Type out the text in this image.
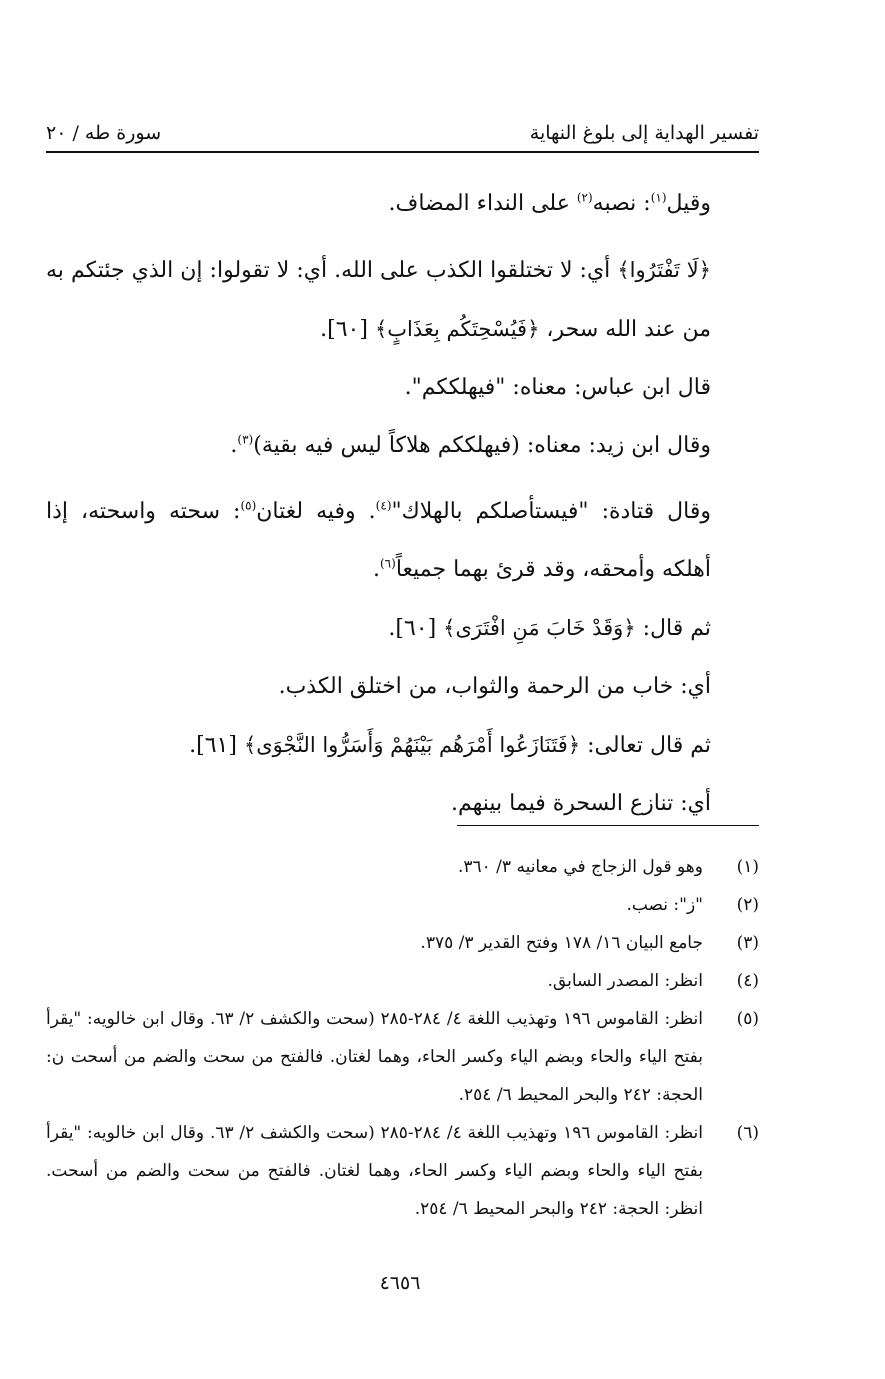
تفسير الهداية إلى بلوغ النهاية
سورة طه / ٢٠

وقيل$^{(١)}$: نصبه$^{(٢)}$ على النداء المضاف.

﴿لَا تَفْتَرُوا﴾ أي: لا تختلقوا الكذب على الله. أي: لا تقولوا: إن الذي جئتكم به من عند الله سحر، ﴿فَيُسْحِتَكُم بِعَذَابٍ﴾ [٦٠].

قال ابن عباس: معناه: "فيهلككم".

وقال ابن زيد: معناه: (فيهلككم هلاكاً ليس فيه بقية)$^{(٣)}$.

وقال قتادة: "فيستأصلكم بالهلاك"$^{(٤)}$. وفيه لغتان$^{(٥)}$: سحته واسحته، إذا أهلكه وأمحقه، وقد قرئ بهما جميعاً$^{(٦)}$.

ثم قال: ﴿وَقَدْ خَابَ مَنِ افْتَرَى﴾ [٦٠].

أي: خاب من الرحمة والثواب، من اختلق الكذب.

ثم قال تعالى: ﴿فَتَنَازَعُوا أَمْرَهُم بَيْنَهُمْ وَأَسَرُّوا النَّجْوَى﴾ [٦١].

أي: تنازع السحرة فيما بينهم.

(١)
وهو قول الزجاج في معانيه ٣/ ٣٦٠.
(٢)
"ز": نصب.
(٣)
جامع البيان ١٦/ ١٧٨ وفتح القدير ٣/ ٣٧٥.
(٤)
انظر: المصدر السابق.
(٥)
انظر: القاموس ١٩٦ وتهذيب اللغة ٤/ ٢٨٤-٢٨٥ (سحت والكشف ٢/ ٦٣. وقال ابن خالويه: "يقرأ بفتح الياء والحاء وبضم الياء وكسر الحاء، وهما لغتان. فالفتح من سحت والضم من أسحت ن: الحجة: ٢٤٢ والبحر المحيط ٦/ ٢٥٤.
(٦)
انظر: القاموس ١٩٦ وتهذيب اللغة ٤/ ٢٨٤-٢٨٥ (سحت والكشف ٢/ ٦٣. وقال ابن خالويه: "يقرأ بفتح الياء والحاء وبضم الياء وكسر الحاء، وهما لغتان. فالفتح من سحت والضم من أسحت. انظر: الحجة: ٢٤٢ والبحر المحيط ٦/ ٢٥٤.
٤٦٥٦
